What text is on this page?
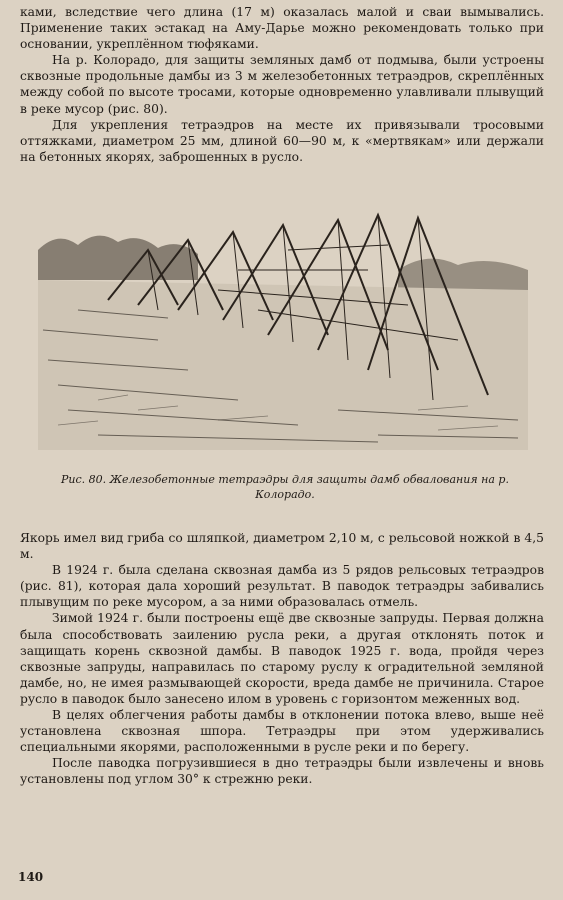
ками, вследствие чего длина (17 м) оказалась малой и сваи вымывались. Применение таких эстакад на Аму-Дарье можно рекомендовать только при основании, укреплённом тюфяками.

На р. Колорадо, для защиты земляных дамб от подмыва, были устроены сквозные продольные дамбы из 3 м железобетонных тетраэдров, скреплённых между собой по высоте тросами, которые одновременно улавливали плывущий в реке мусор (рис. 80).

Для укрепления тетраэдров на месте их привязывали тросовыми оттяжками, диаметром 25 мм, длиной 60—90 м, к «мертвякам» или держали на бетонных якорях, заброшенных в русло.

Рис. 80. Железобетонные тетраэдры для защиты дамб обвалования на р. Колорадо.

Якорь имел вид гриба со шляпкой, диаметром 2,10 м, с рельсовой ножкой в 4,5 м.

В 1924 г. была сделана сквозная дамба из 5 рядов рельсовых тетраэдров (рис. 81), которая дала хороший результат. В паводок тетраэдры забивались плывущим по реке мусором, а за ними образовалась отмель.

Зимой 1924 г. были построены ещё две сквозные запруды. Первая должна была способствовать заилению русла реки, а другая отклонять поток и защищать корень сквозной дамбы. В паводок 1925 г. вода, пройдя через сквозные запруды, направилась по старому руслу к оградительной земляной дамбе, но, не имея размывающей скорости, вреда дамбе не причинила. Старое русло в паводок было занесено илом в уровень с горизонтом меженных вод.

В целях облегчения работы дамбы в отклонении потока влево, выше неё установлена сквозная шпора. Тетраэдры при этом удерживались специальными якорями, расположенными в русле реки и по берегу.

После паводка погрузившиеся в дно тетраэдры были извлечены и вновь установлены под углом 30° к стрежню реки.

140
